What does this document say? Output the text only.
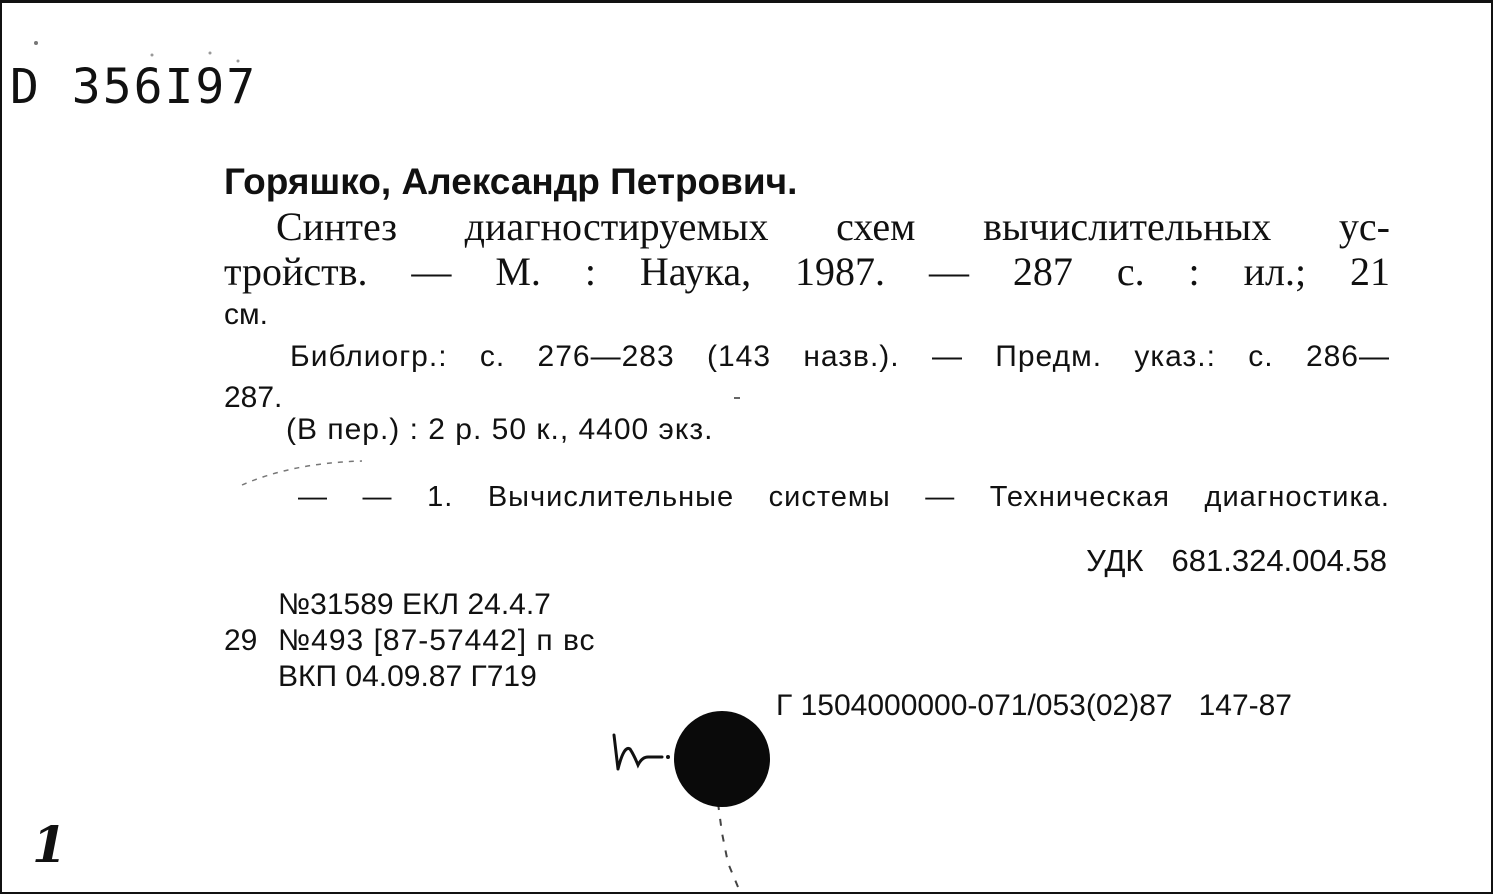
D 356I97
Горяшко, Александр Петрович.
Синтез диагностируемых схем вычислительных ус-
тройств. — М. : Наука, 1987. — 287 с. : ил.; 21
см.
Библиогр.: с. 276—283 (143 назв.). — Предм. указ.: с. 286—
287.
(В пер.) : 2 р. 50 к., 4400 экз.
— — 1. Вычислительные системы — Техническая диагностика.
УДК 681.324.004.58
№31589 ЕКЛ 24.4.7
29 №493 [87-57442] п вс
ВКП 04.09.87 Г719
Г 1504000000-071/053(02)87 147-87
1
